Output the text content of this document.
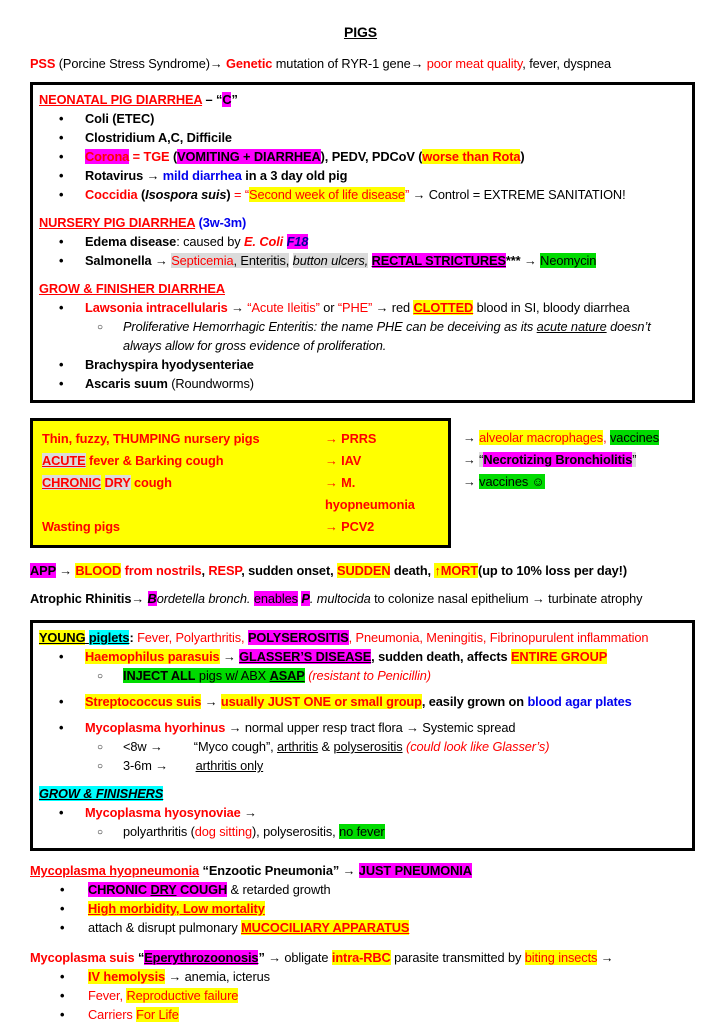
PIGS
PSS (Porcine Stress Syndrome)→ Genetic mutation of RYR-1 gene→ poor meat quality, fever, dyspnea
NEONATAL PIG DIARRHEA – “C”
• Coli (ETEC)
• Clostridium A,C, Difficile
• Corona = TGE (VOMITING + DIARRHEA), PEDV, PDCoV (worse than Rota)
• Rotavirus → mild diarrhea in a 3 day old pig
• Coccidia (Isospora suis) = “Second week of life disease” → Control = EXTREME SANITATION!
NURSERY PIG DIARRHEA (3w-3m)
• Edema disease: caused by E. Coli F18
• Salmonella → Septicemia, Enteritis, button ulcers, RECTAL STRICTURES*** → Neomycin
GROW & FINISHER DIARRHEA
• Lawsonia intracellularis → “Acute Ileitis” or “PHE” → red CLOTTED blood in SI, bloody diarrhea
○ Proliferative Hemorrhagic Enteritis: the name PHE can be deceiving as its acute nature doesn’t always allow for gross evidence of proliferation.
• Brachyspira hyodysenteriae
• Ascaris suum (Roundworms)
Thin, fuzzy, THUMPING nursery pigs	→ PRRS
ACUTE fever & Barking cough	→ IAV
CHRONIC DRY cough	→ M. hyopneumonia
Wasting pigs	→ PCV2
→ alveolar macrophages, vaccines
→ “Necrotizing Bronchiolitis”
→ vaccines ☺
APP → BLOOD from nostrils, RESP, sudden onset, SUDDEN death, ↑MORT(up to 10% loss per day!)
Atrophic Rhinitis→ Bordetella bronch. enables P. multocida to colonize nasal epithelium → turbinate atrophy
YOUNG piglets: Fever, Polyarthritis, POLYSEROSITIS, Pneumonia, Meningitis, Fibrinopurulent inflammation
• Haemophilus parasuis → GLASSER’S DISEASE, sudden death, affects ENTIRE GROUP
○ INJECT ALL pigs w/ ABX ASAP (resistant to Penicillin)
• Streptococcus suis → usually JUST ONE or small group, easily grown on blood agar plates
• Mycoplasma hyorhinus → normal upper resp tract flora → Systemic spread
○ <8w → “Myco cough”, arthritis & polyserositis (could look like Glasser’s)
○ 3-6m → arthritis only
GROW & FINISHERS
• Mycoplasma hyosynoviae →
○ polyarthritis (dog sitting), polyserositis, no fever
Mycoplasma hyopneumonia “Enzootic Pneumonia” → JUST PNEUMONIA
• CHRONIC DRY COUGH & retarded growth
• High morbidity, Low mortality
• attach & disrupt pulmonary MUCOCILIARY APPARATUS
Mycoplasma suis “Eperythrozoonosis” → obligate intra-RBC parasite transmitted by biting insects →
• IV hemolysis → anemia, icterus
• Fever, Reproductive failure
• Carriers For Life
